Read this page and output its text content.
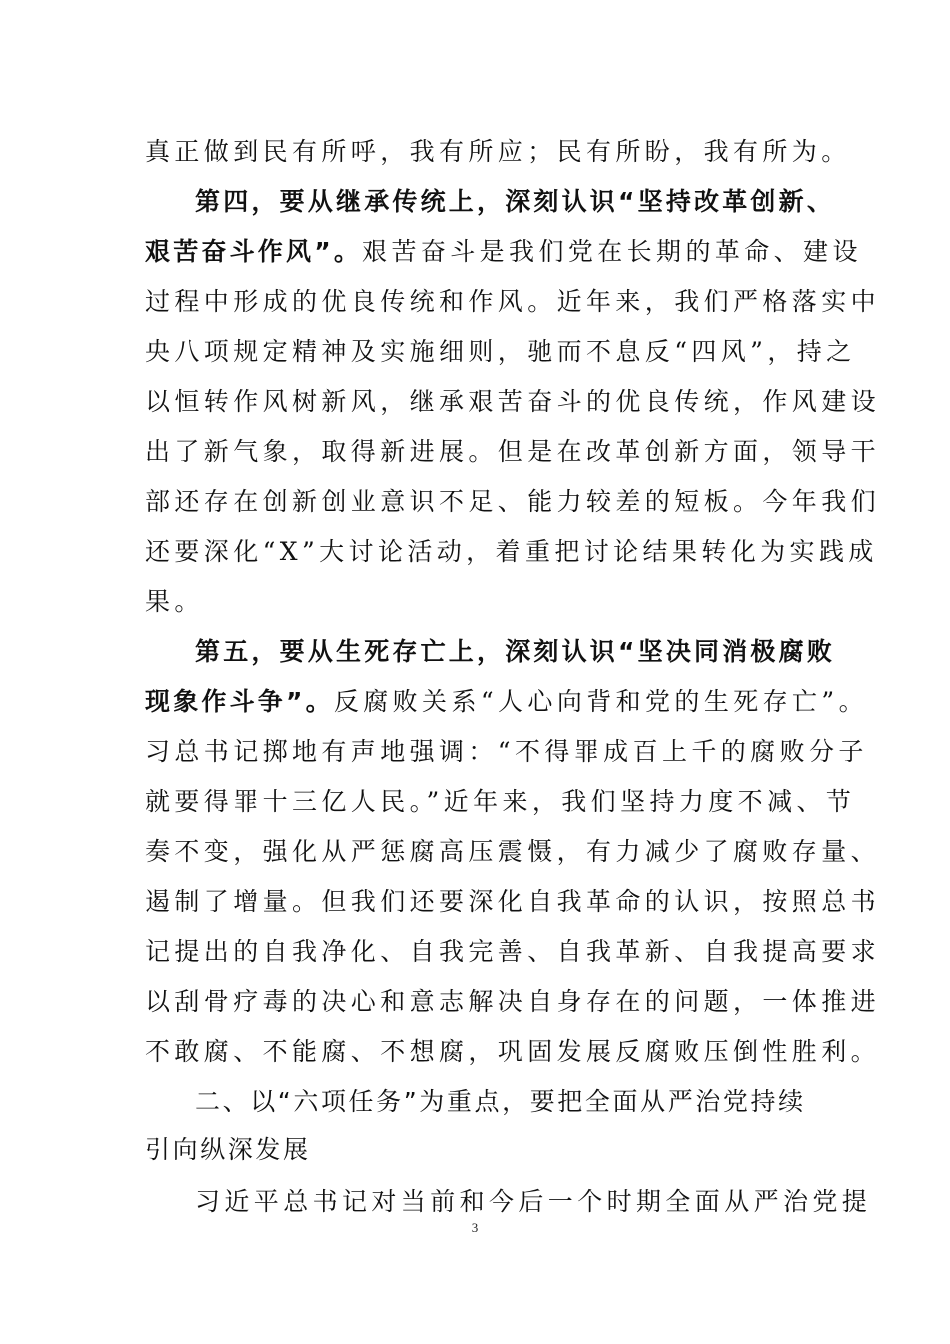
真正做到民有所呼，我有所应；民有所盼，我有所为。
第四，要从继承传统上，深刻认识“坚持改革创新、
艰苦奋斗作风”。艰苦奋斗是我们党在长期的革命、建设
过程中形成的优良传统和作风。近年来，我们严格落实中
央八项规定精神及实施细则，驰而不息反“四风”，持之
以恒转作风树新风，继承艰苦奋斗的优良传统，作风建设
出了新气象，取得新进展。但是在改革创新方面，领导干
部还存在创新创业意识不足、能力较差的短板。今年我们
还要深化“X”大讨论活动，着重把讨论结果转化为实践成
果。
第五，要从生死存亡上，深刻认识“坚决同消极腐败
现象作斗争”。反腐败关系“人心向背和党的生死存亡”。
习总书记掷地有声地强调：“不得罪成百上千的腐败分子
就要得罪十三亿人民。”近年来，我们坚持力度不减、节
奏不变，强化从严惩腐高压震慑，有力减少了腐败存量、
遏制了增量。但我们还要深化自我革命的认识，按照总书
记提出的自我净化、自我完善、自我革新、自我提高要求
以刮骨疗毒的决心和意志解决自身存在的问题，一体推进
不敢腐、不能腐、不想腐，巩固发展反腐败压倒性胜利。
二、以“六项任务”为重点，要把全面从严治党持续
引向纵深发展
习近平总书记对当前和今后一个时期全面从严治党提
3
